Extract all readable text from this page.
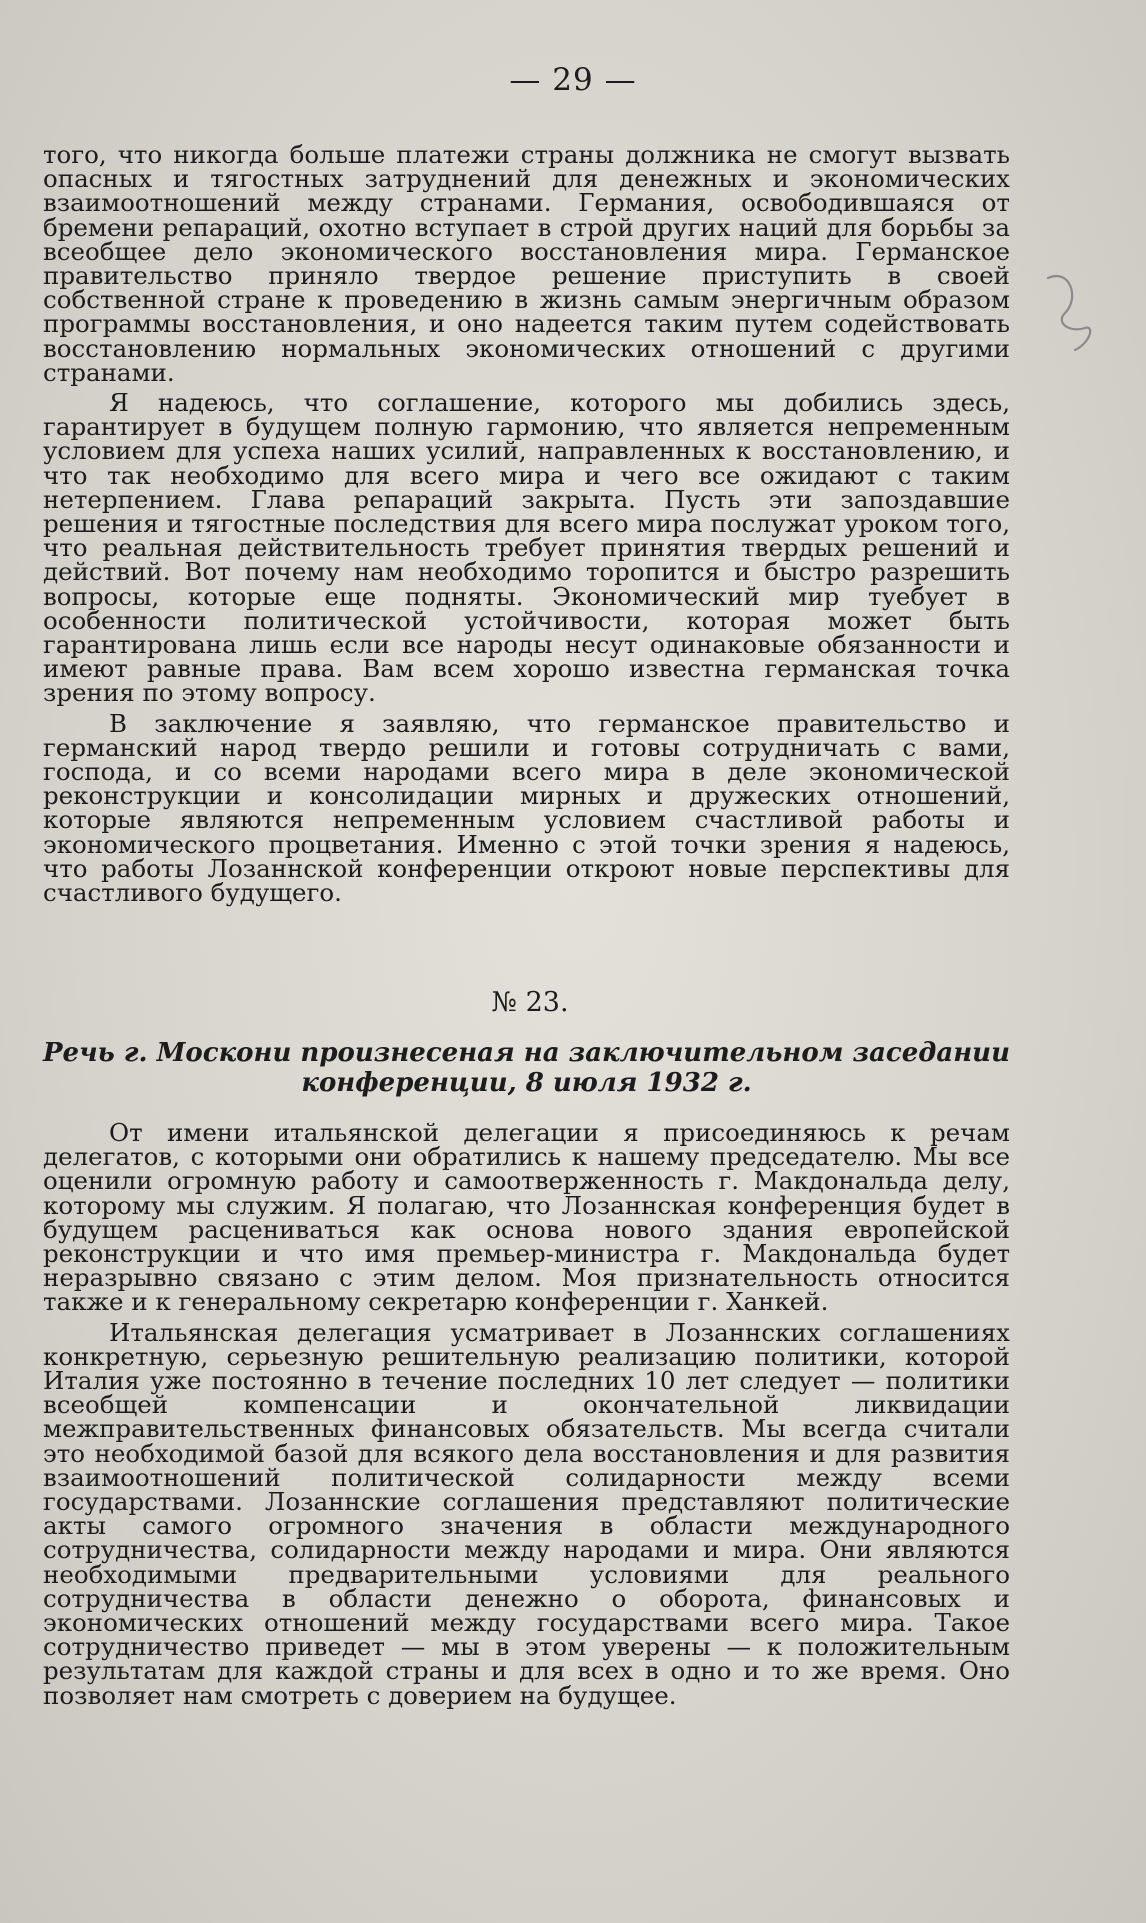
— 29 —

того, что никогда больше платежи страны должника не смогут вызвать опасных и тягостных затруднений для денежных и экономических взаимоотношений между странами. Германия, освободившаяся от бремени репараций, охотно вступает в строй других наций для борьбы за всеобщее дело экономического восстановления мира. Германское правительство приняло твердое решение приступить в своей собственной стране к проведению в жизнь самым энергичным образом программы восстановления, и оно надеется таким путем содействовать восстановлению нормальных экономических отношений с другими странами.

Я надеюсь, что соглашение, которого мы добились здесь, гарантирует в будущем полную гармонию, что является непременным условием для успеха наших усилий, направленных к восстановлению, и что так необходимо для всего мира и чего все ожидают с таким нетерпением. Глава репараций закрыта. Пусть эти запоздавшие решения и тягостные последствия для всего мира послужат уроком того, что реальная действительность требует принятия твердых решений и действий. Вот почему нам необходимо торопится и быстро разрешить вопросы, которые еще подняты. Экономический мир туебует в особенности политической устойчивости, которая может быть гарантирована лишь если все народы несут одинаковые обязанности и имеют равные права. Вам всем хорошо известна германская точка зрения по этому вопросу.

В заключение я заявляю, что германское правительство и германский народ твердо решили и готовы сотрудничать с вами, господа, и со всеми народами всего мира в деле экономической реконструкции и консолидации мирных и дружеских отношений, которые являются непременным условием счастливой работы и экономического процветания. Именно с этой точки зрения я надеюсь, что работы Лозаннской конференции откроют новые перспективы для счастливого будущего.

№ 23.
Речь г. Москони произнесеная на заключительном заседании конференции, 8 июля 1932 г.

От имени итальянской делегации я присоединяюсь к речам делегатов, с которыми они обратились к нашему председателю. Мы все оценили огромную работу и самоотверженность г. Макдональда делу, которому мы служим. Я полагаю, что Лозаннская конференция будет в будущем расцениваться как основа нового здания европейской реконструкции и что имя премьер-министра г. Макдональда будет неразрывно связано с этим делом. Моя признательность относится также и к генеральному секретарю конференции г. Ханкей.

Итальянская делегация усматривает в Лозаннских соглашениях конкретную, серьезную решительную реализацию политики, которой Италия уже постоянно в течение последних 10 лет следует — политики всеобщей компенсации и окончательной ликвидации межправительственных финансовых обязательств. Мы всегда считали это необходимой базой для всякого дела восстановления и для развития взаимоотношений политической солидарности между всеми государствами. Лозаннские соглашения представляют политические акты самого огромного значения в области международного сотрудничества, солидарности между народами и мира. Они являются необходимыми предварительными условиями для реального сотрудничества в области денежно о оборота, финансовых и экономических отношений между государствами всего мира. Такое сотрудничество приведет — мы в этом уверены — к положительным результатам для каждой страны и для всех в одно и то же время. Оно позволяет нам смотреть с доверием на будущее.
